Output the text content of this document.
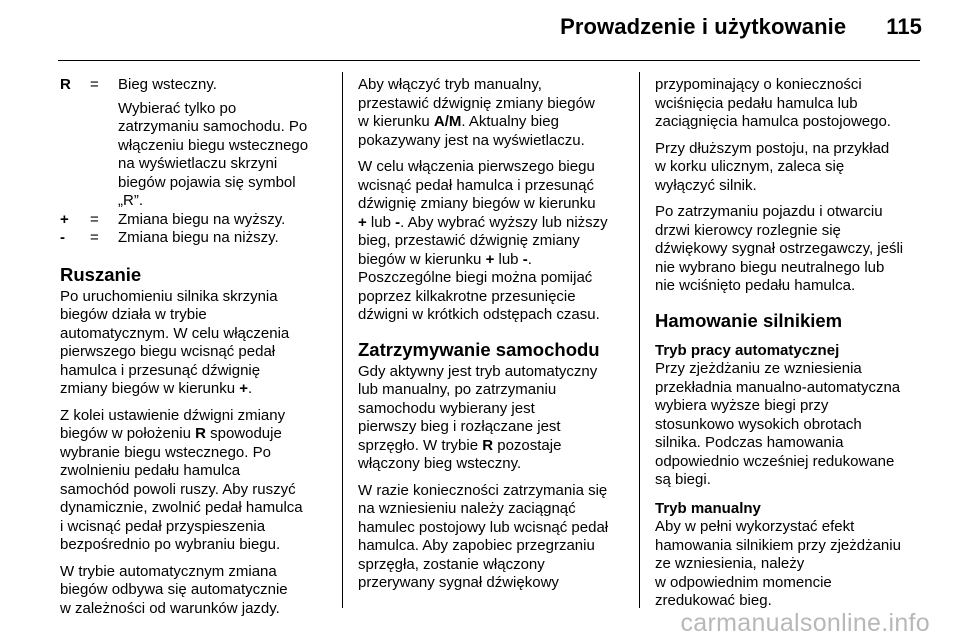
Prowadzenie i użytkowanie 115
R	=	Bieg wsteczny.
Wybierać tylko po
zatrzymaniu samochodu. Po
włączeniu biegu wstecznego
na wyświetlaczu skrzyni
biegów pojawia się symbol
„R”.
+	=	Zmiana biegu na wyższy.
-	=	Zmiana biegu na niższy.
Ruszanie

Po uruchomieniu silnika skrzynia
biegów działa w trybie
automatycznym. W celu włączenia
pierwszego biegu wcisnąć pedał
hamulca i przesunąć dźwignię
zmiany biegów w kierunku +.

Z kolei ustawienie dźwigni zmiany
biegów w położeniu R spowoduje
wybranie biegu wstecznego. Po
zwolnieniu pedału hamulca
samochód powoli ruszy. Aby ruszyć
dynamicznie, zwolnić pedał hamulca
i wcisnąć pedał przyspieszenia
bezpośrednio po wybraniu biegu.

W trybie automatycznym zmiana
biegów odbywa się automatycznie
w zależności od warunków jazdy.

Aby włączyć tryb manualny,
przestawić dźwignię zmiany biegów
w kierunku A/M. Aktualny bieg
pokazywany jest na wyświetlaczu.

W celu włączenia pierwszego biegu
wcisnąć pedał hamulca i przesunąć
dźwignię zmiany biegów w kierunku
+ lub -. Aby wybrać wyższy lub niższy
bieg, przestawić dźwignię zmiany
biegów w kierunku + lub -.
Poszczególne biegi można pomijać
poprzez kilkakrotne przesunięcie
dźwigni w krótkich odstępach czasu.

Zatrzymywanie samochodu

Gdy aktywny jest tryb automatyczny
lub manualny, po zatrzymaniu
samochodu wybierany jest
pierwszy bieg i rozłączane jest
sprzęgło. W trybie R pozostaje
włączony bieg wsteczny.

W razie konieczności zatrzymania się
na wzniesieniu należy zaciągnąć
hamulec postojowy lub wcisnąć pedał
hamulca. Aby zapobiec przegrzaniu
sprzęgła, zostanie włączony
przerywany sygnał dźwiękowy

przypominający o konieczności
wciśnięcia pedału hamulca lub
zaciągnięcia hamulca postojowego.

Przy dłuższym postoju, na przykład
w korku ulicznym, zaleca się
wyłączyć silnik.

Po zatrzymaniu pojazdu i otwarciu
drzwi kierowcy rozlegnie się
dźwiękowy sygnał ostrzegawczy, jeśli
nie wybrano biegu neutralnego lub
nie wciśnięto pedału hamulca.

Hamowanie silnikiem
Tryb pracy automatycznej

Przy zjeżdżaniu ze wzniesienia
przekładnia manualno-automatyczna
wybiera wyższe biegi przy
stosunkowo wysokich obrotach
silnika. Podczas hamowania
odpowiednio wcześniej redukowane
są biegi.

Tryb manualny

Aby w pełni wykorzystać efekt
hamowania silnikiem przy zjeżdżaniu
ze wzniesienia, należy
w odpowiednim momencie
zredukować bieg.

carmanualsonline.info
